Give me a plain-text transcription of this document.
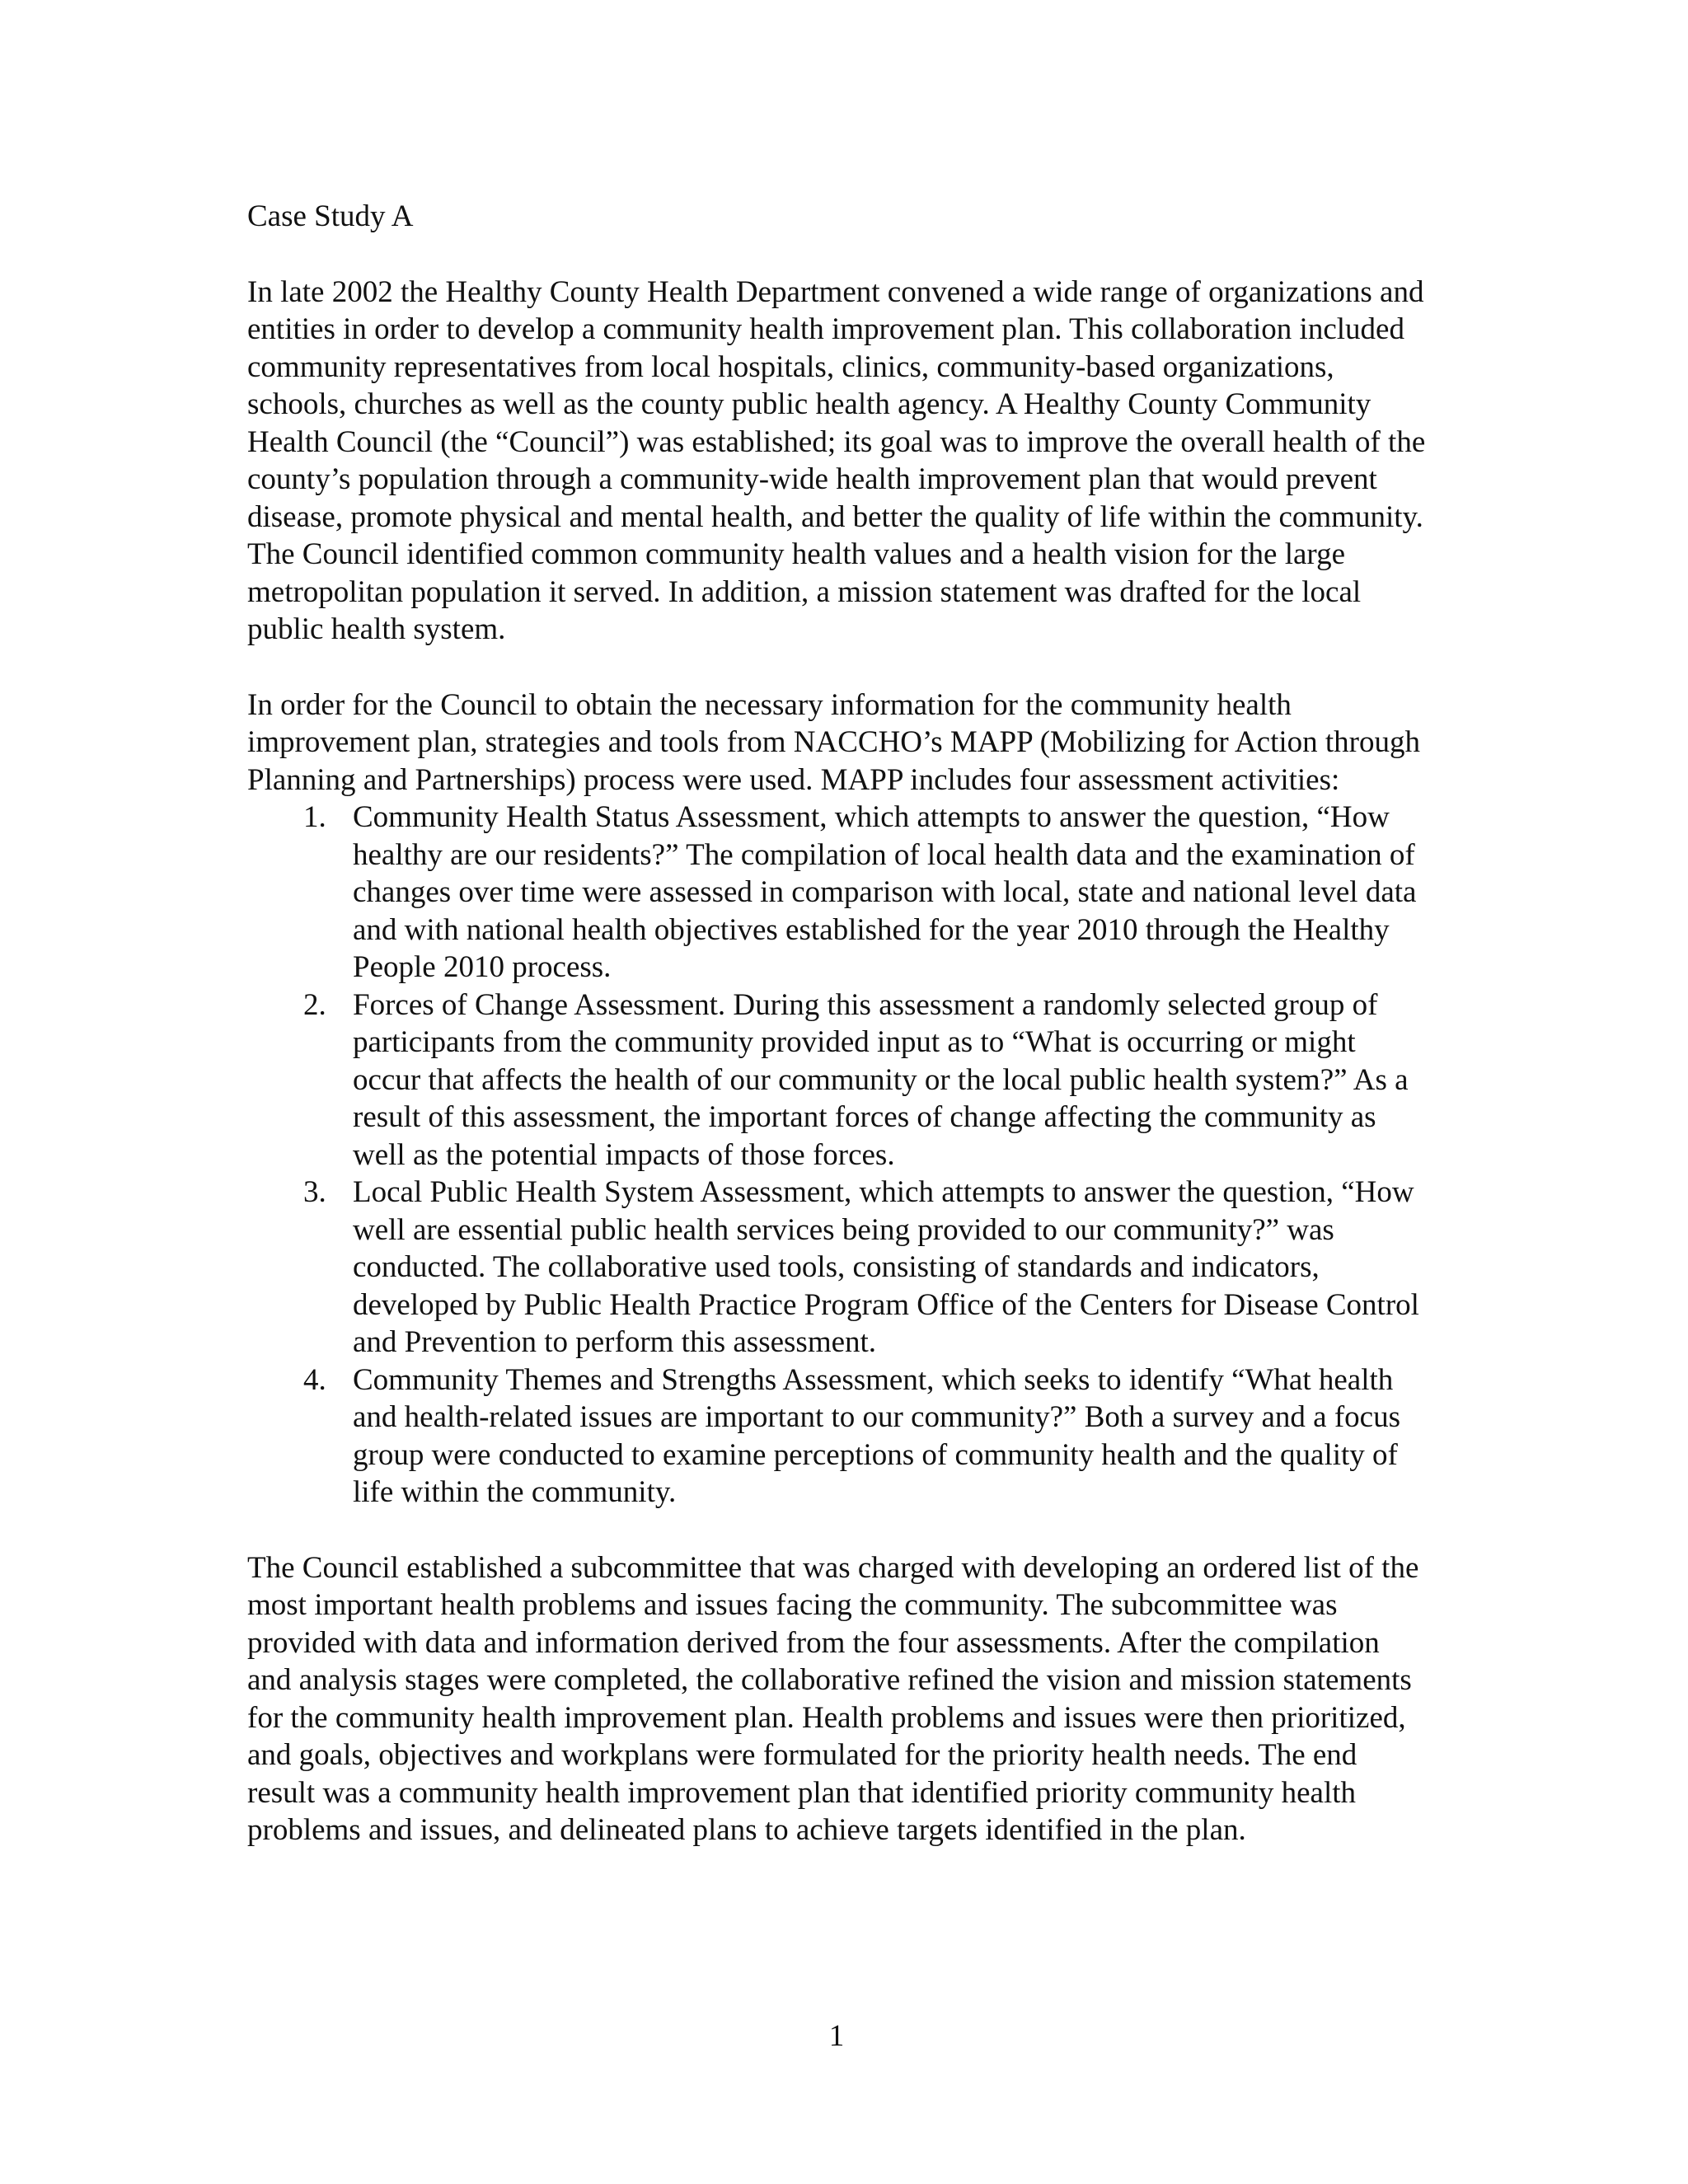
Case Study A

In late 2002 the Healthy County Health Department convened a wide range of organizations and entities in order to develop a community health improvement plan. This collaboration included community representatives from local hospitals, clinics, community-based organizations, schools, churches as well as the county public health agency. A Healthy County Community Health Council (the “Council”) was established; its goal was to improve the overall health of the county’s population through a community-wide health improvement plan that would prevent disease, promote physical and mental health, and better the quality of life within the community. The Council identified common community health values and a health vision for the large metropolitan population it served. In addition, a mission statement was drafted for the local public health system.

In order for the Council to obtain the necessary information for the community health improvement plan, strategies and tools from NACCHO’s MAPP (Mobilizing for Action through Planning and Partnerships) process were used. MAPP includes four assessment activities:

1. Community Health Status Assessment, which attempts to answer the question, “How healthy are our residents?” The compilation of local health data and the examination of changes over time were assessed in comparison with local, state and national level data and with national health objectives established for the year 2010 through the Healthy People 2010 process.
2. Forces of Change Assessment. During this assessment a randomly selected group of participants from the community provided input as to “What is occurring or might occur that affects the health of our community or the local public health system?” As a result of this assessment, the important forces of change affecting the community as well as the potential impacts of those forces.
3. Local Public Health System Assessment, which attempts to answer the question, “How well are essential public health services being provided to our community?” was conducted. The collaborative used tools, consisting of standards and indicators, developed by Public Health Practice Program Office of the Centers for Disease Control and Prevention to perform this assessment.
4. Community Themes and Strengths Assessment, which seeks to identify “What health and health-related issues are important to our community?” Both a survey and a focus group were conducted to examine perceptions of community health and the quality of life within the community.

The Council established a subcommittee that was charged with developing an ordered list of the most important health problems and issues facing the community. The subcommittee was provided with data and information derived from the four assessments. After the compilation and analysis stages were completed, the collaborative refined the vision and mission statements for the community health improvement plan. Health problems and issues were then prioritized, and goals, objectives and workplans were formulated for the priority health needs. The end result was a community health improvement plan that identified priority community health problems and issues, and delineated plans to achieve targets identified in the plan.

1
